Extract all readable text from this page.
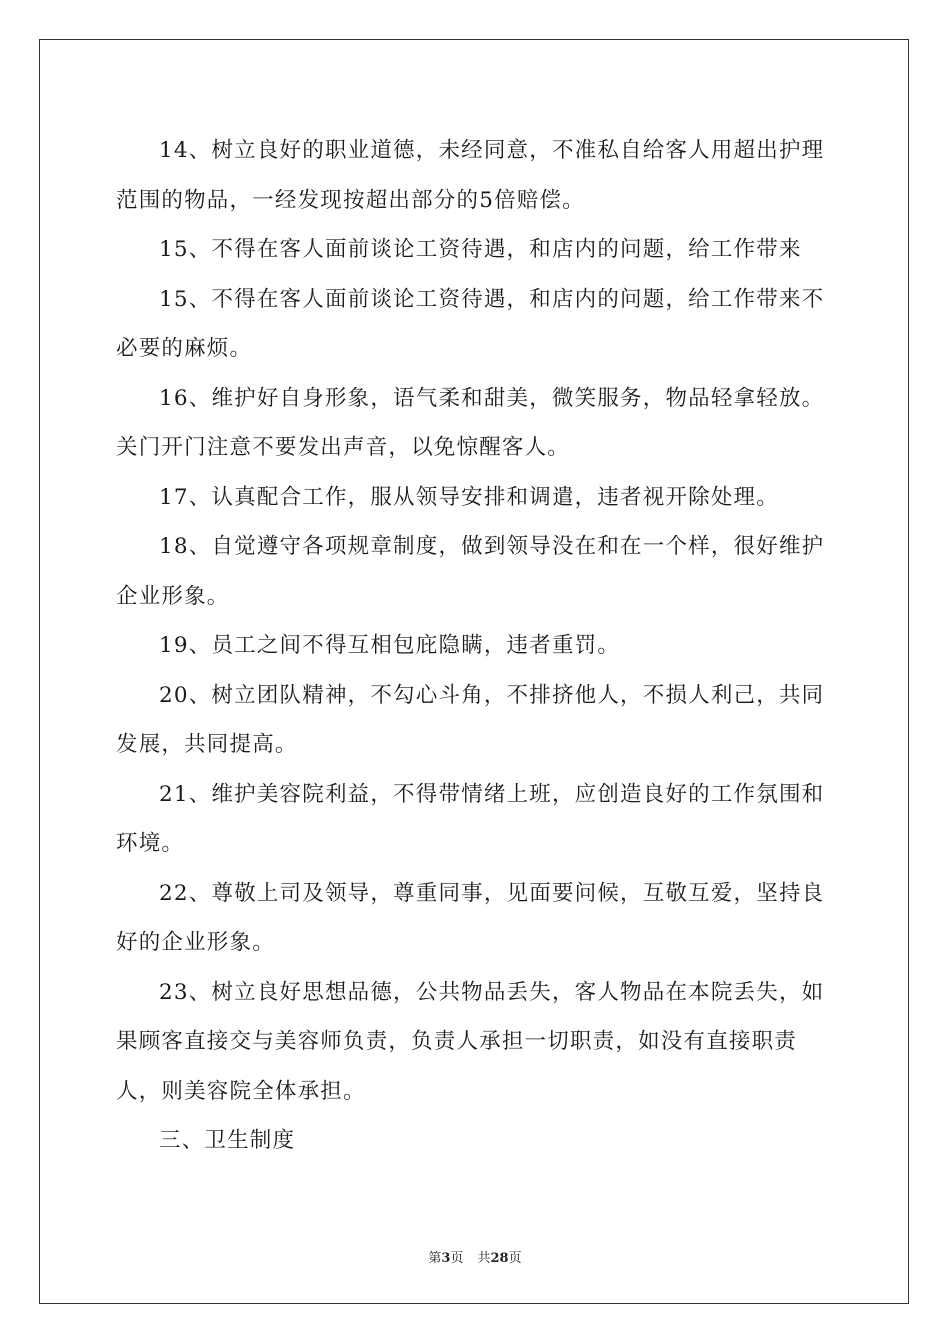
14、树立良好的职业道德，未经同意，不准私自给客人用超出护理范围的物品，一经发现按超出部分的5倍赔偿。

15、不得在客人面前谈论工资待遇，和店内的问题，给工作带来

15、不得在客人面前谈论工资待遇，和店内的问题，给工作带来不必要的麻烦。

16、维护好自身形象，语气柔和甜美，微笑服务，物品轻拿轻放。关门开门注意不要发出声音，以免惊醒客人。

17、认真配合工作，服从领导安排和调遣，违者视开除处理。

18、自觉遵守各项规章制度，做到领导没在和在一个样，很好维护企业形象。

19、员工之间不得互相包庇隐瞒，违者重罚。

20、树立团队精神，不勾心斗角，不排挤他人，不损人利己，共同发展，共同提高。

21、维护美容院利益，不得带情绪上班，应创造良好的工作氛围和环境。

22、尊敬上司及领导，尊重同事，见面要问候，互敬互爱，坚持良好的企业形象。

23、树立良好思想品德，公共物品丢失，客人物品在本院丢失，如果顾客直接交与美容师负责，负责人承担一切职责，如没有直接职责人，则美容院全体承担。

三、卫生制度

第3页 共28页
